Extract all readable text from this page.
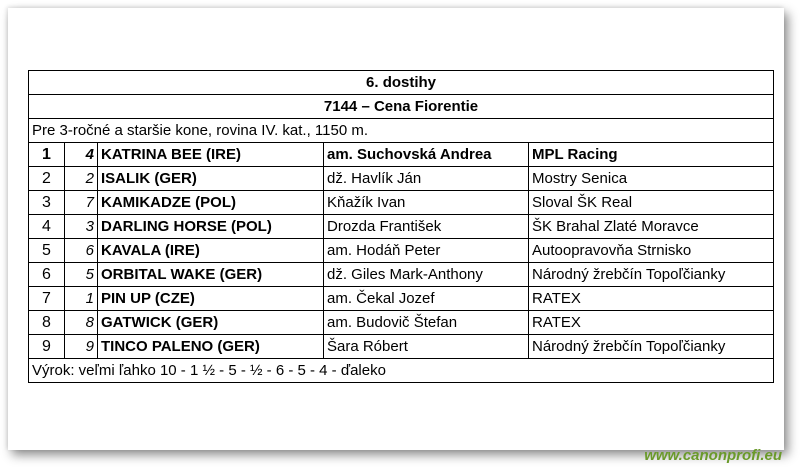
6. dostihy				
7144 – Cena Fiorentie				
Pre 3-ročné a staršie kone, rovina IV. kat., 1150 m.				
1	4	KATRINA BEE (IRE)	am. Suchovská Andrea	MPL Racing
2	2	ISALIK (GER)	dž. Havlík Ján	Mostry Senica
3	7	KAMIKADZE (POL)	Kňažík Ivan	Sloval ŠK Real
4	3	DARLING HORSE (POL)	Drozda František	ŠK Brahal Zlaté Moravce
5	6	KAVALA (IRE)	am. Hodáň Peter	Autoopravovňa Strnisko
6	5	ORBITAL WAKE (GER)	dž. Giles Mark-Anthony	Národný žrebčín Topoľčianky
7	1	PIN UP (CZE)	am. Čekal Jozef	RATEX
8	8	GATWICK (GER)	am. Budovič Štefan	RATEX
9	9	TINCO PALENO (GER)	Šara Róbert	Národný žrebčín Topoľčianky
Výrok: veľmi ľahko 10 - 1 ½ - 5 - ½ - 6 - 5 - 4 - ďaleko				
www.canonprofi.eu
